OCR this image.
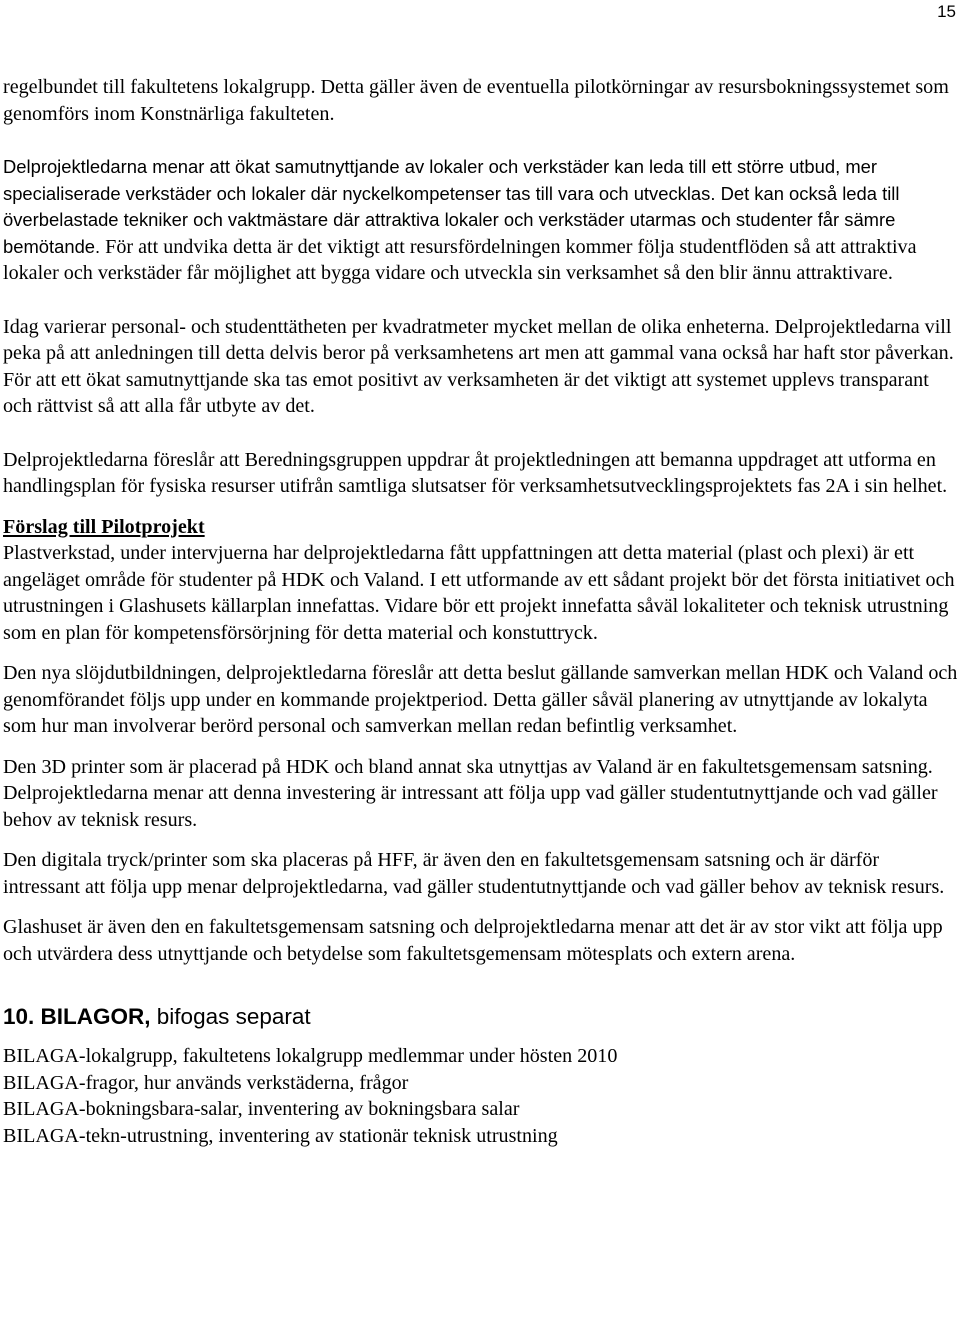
15

regelbundet till fakultetens lokalgrupp. Detta gäller även de eventuella pilotkörningar av resursbokningssystemet som genomförs inom Konstnärliga fakulteten.

Delprojektledarna menar att ökat samutnyttjande av lokaler och verkstäder kan leda till ett större utbud, mer specialiserade verkstäder och lokaler där nyckelkompetenser tas till vara och utvecklas. Det kan också leda till överbelastade tekniker och vaktmästare där attraktiva lokaler och verkstäder utarmas och studenter får sämre bemötande. För att undvika detta är det viktigt att resursfördelningen kommer följa studentflöden så att attraktiva lokaler och verkstäder får möjlighet att bygga vidare och utveckla sin verksamhet så den blir ännu attraktivare.

Idag varierar personal- och studenttätheten per kvadratmeter mycket mellan de olika enheterna. Delprojektledarna vill peka på att anledningen till detta delvis beror på verksamhetens art men att gammal vana också har haft stor påverkan. För att ett ökat samutnyttjande ska tas emot positivt av verksamheten är det viktigt att systemet upplevs transparant och rättvist så att alla får utbyte av det.

Delprojektledarna föreslår att Beredningsgruppen uppdrar åt projektledningen att bemanna uppdraget att utforma en handlingsplan för fysiska resurser utifrån samtliga slutsatser för verksamhetsutvecklingsprojektets fas 2A i sin helhet.

Förslag till Pilotprojekt

Plastverkstad, under intervjuerna har delprojektledarna fått uppfattningen att detta material (plast och plexi) är ett angeläget område för studenter på HDK och Valand. I ett utformande av ett sådant projekt bör det första initiativet och utrustningen i Glashusets källarplan innefattas. Vidare bör ett projekt innefatta såväl lokaliteter och teknisk utrustning som en plan för kompetensförsörjning för detta material och konstuttryck.

Den nya slöjdutbildningen, delprojektledarna föreslår att detta beslut gällande samverkan mellan HDK och Valand och genomförandet följs upp under en kommande projektperiod. Detta gäller såväl planering av utnyttjande av lokalyta som hur man involverar berörd personal och samverkan mellan redan befintlig verksamhet.

Den 3D printer som är placerad på HDK och bland annat ska utnyttjas av Valand är en fakultetsgemensam satsning. Delprojektledarna menar att denna investering är intressant att följa upp vad gäller studentutnyttjande och vad gäller behov av teknisk resurs.

Den digitala tryck/printer som ska placeras på HFF, är även den en fakultetsgemensam satsning och är därför intressant att följa upp menar delprojektledarna, vad gäller studentutnyttjande och vad gäller behov av teknisk resurs.

Glashuset är även den en fakultetsgemensam satsning och delprojektledarna menar att det är av stor vikt att följa upp och utvärdera dess utnyttjande och betydelse som fakultetsgemensam mötesplats och extern arena.

10. BILAGOR, bifogas separat
BILAGA-lokalgrupp, fakultetens lokalgrupp medlemmar under hösten 2010
BILAGA-fragor, hur används verkstäderna, frågor
BILAGA-bokningsbara-salar, inventering av bokningsbara salar
BILAGA-tekn-utrustning, inventering av stationär teknisk utrustning
